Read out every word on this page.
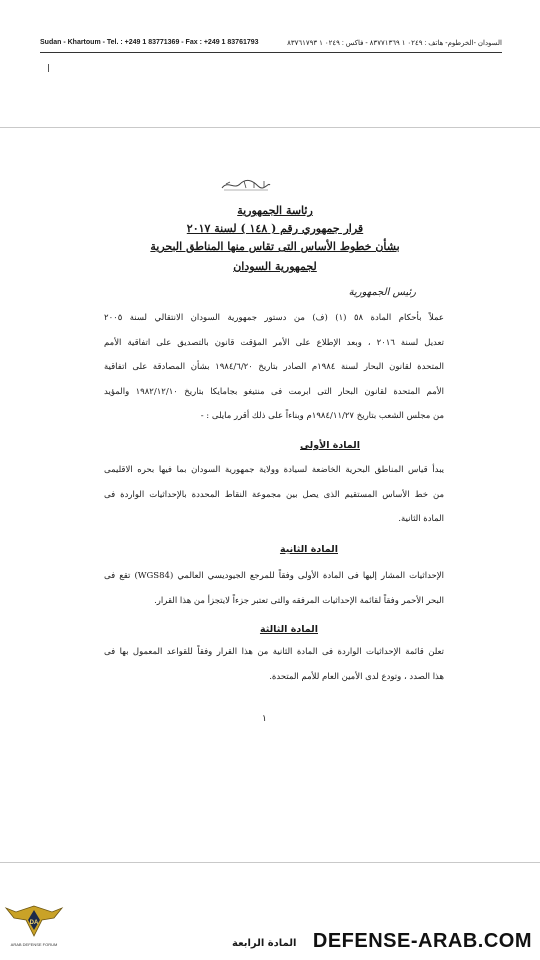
Sudan - Khartoum - Tel. : +249 1 83771369 - Fax : +249 1 83761793	السودان -الخرطوم- هاتف : ٠٢٤٩ ١ ٨٣٧٧١٣٦٩ - فاكس : ٠٢٤٩ ١ ٨٣٧٦١٧٩٣
رئاسة الجمهورية
قرار جمهوري رقم ( ١٤٨ ) لسنة ٢٠١٧
بشأن خطوط الأساس التى تقاس منها المناطق البحرية
لجمهورية السودان
رئيس الجمهورية
عملاً بأحكام المادة ٥٨ (١) (ف) من دستور جمهورية السودان الانتقالي لسنة ٢٠٠٥
تعديل لسنة ٢٠١٦ ، وبعد الإطلاع على الأمر المؤقت قانون بالتصديق على اتفاقية الأمم
المتحدة لقانون البحار لسنة ١٩٨٤م الصادر بتاريخ ١٩٨٤/٦/٢٠ بشأن المصادقة على اتفاقية
الأمم المتحدة لقانون البحار التى ابرمت فى منتيغو بجامايكا بتاريخ ١٩٨٢/١٢/١٠ والمؤيد
من مجلس الشعب بتاريخ ١٩٨٤/١١/٢٧م وبناءاً على ذلك أقرر مايلى : -
المادة الأولى
يبدأ قياس المناطق البحرية الخاضعة لسيادة وولاية جمهورية السودان بما فيها بحره الاقليمى
من خط الأساس المستقيم الذى يصل بين مجموعة النقاط المحددة بالإحداثيات الواردة فى
المادة الثانية.
المادة الثانية
الإحداثيات المشار إليها فى المادة الأولى وفقاً للمرجع الجيوديسي العالمي (WGS84) تقع فى
البحر الأحمر وفقاً لقائمة الإحداثيات المرفقه والتى تعتبر جزءاً لايتجزأ من هذا القرار.
المادة الثالثة
تعلن قائمة الإحداثيات الواردة فى المادة الثانية من هذا القرار وفقاً للقواعد المعمول بها فى
هذا الصدد ، وتودع لدى الأمين العام للأمم المتحدة.
١
المادة الرابعة
DA
ARAB DEFENSE FORUM	DEFENSE-ARAB.COM
